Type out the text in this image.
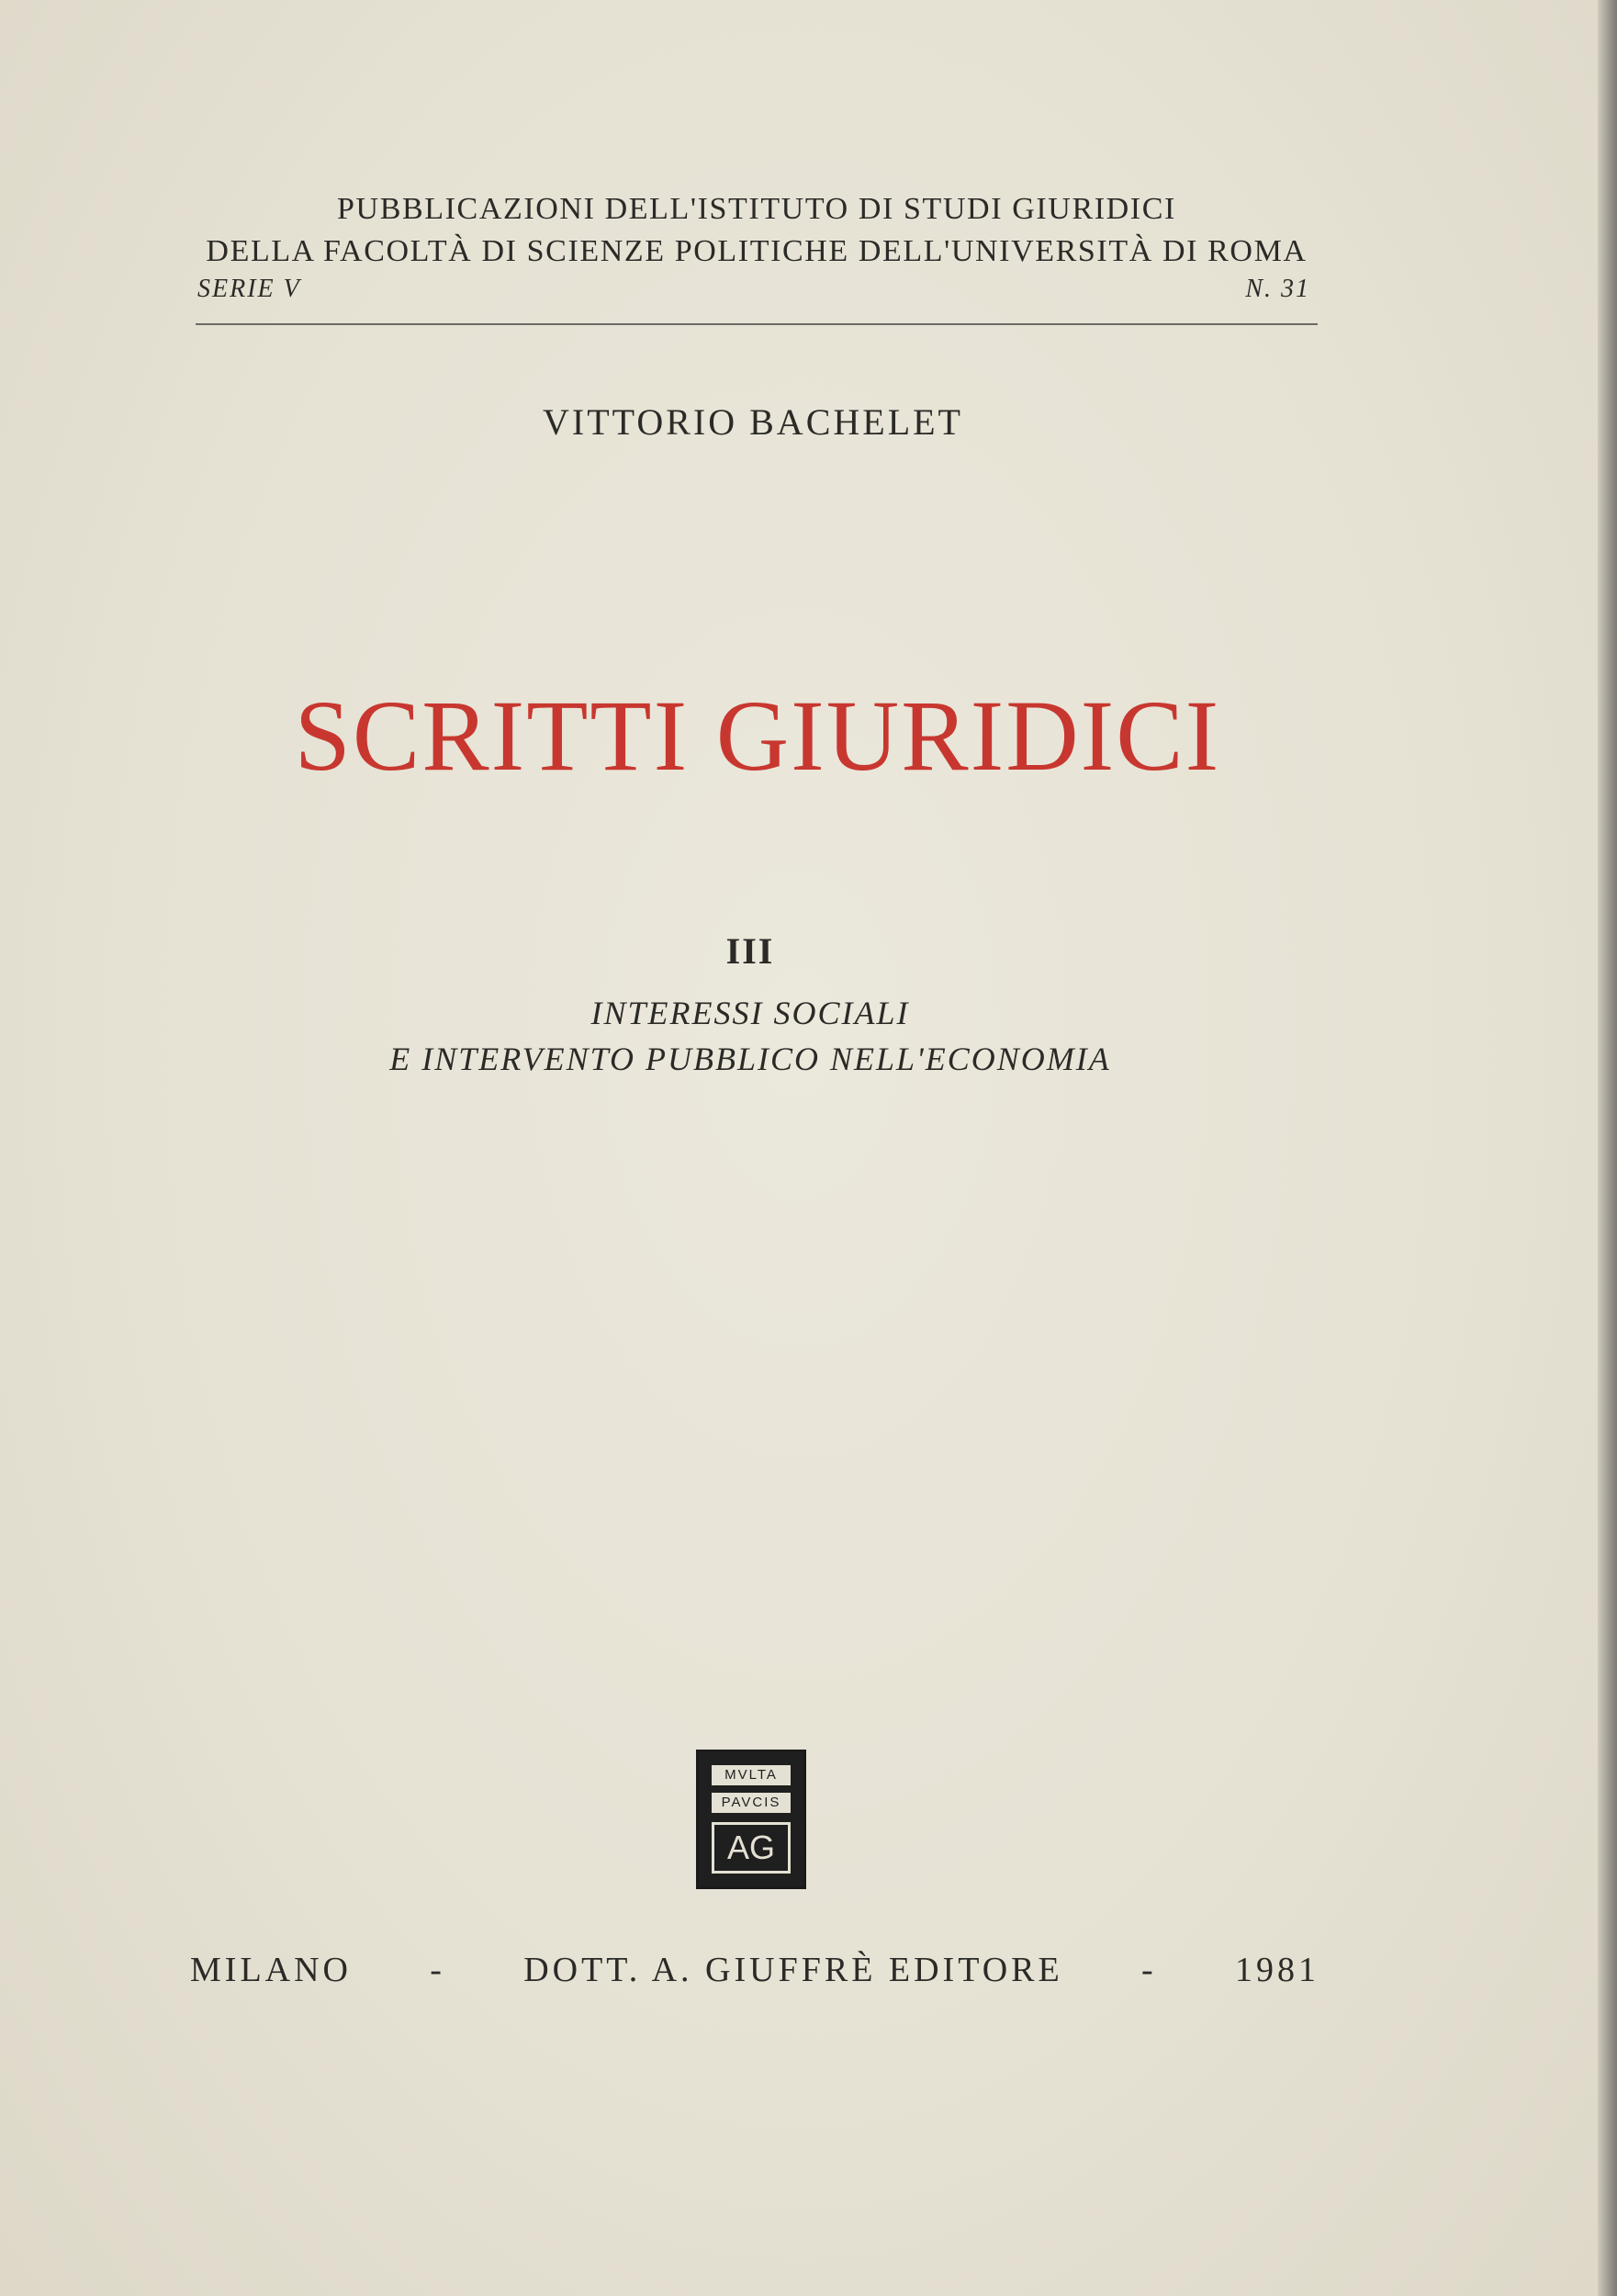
PUBBLICAZIONI DELL'ISTITUTO DI STUDI GIURIDICI
DELLA FACOLTÀ DI SCIENZE POLITICHE DELL'UNIVERSITÀ DI ROMA
SERIE V	N. 31
VITTORIO BACHELET
SCRITTI GIURIDICI
III
INTERESSI SOCIALI
E INTERVENTO PUBBLICO NELL'ECONOMIA
MVLTA
PAVCIS
AG
MILANO - DOTT. A. GIUFFRÈ EDITORE - 1981
